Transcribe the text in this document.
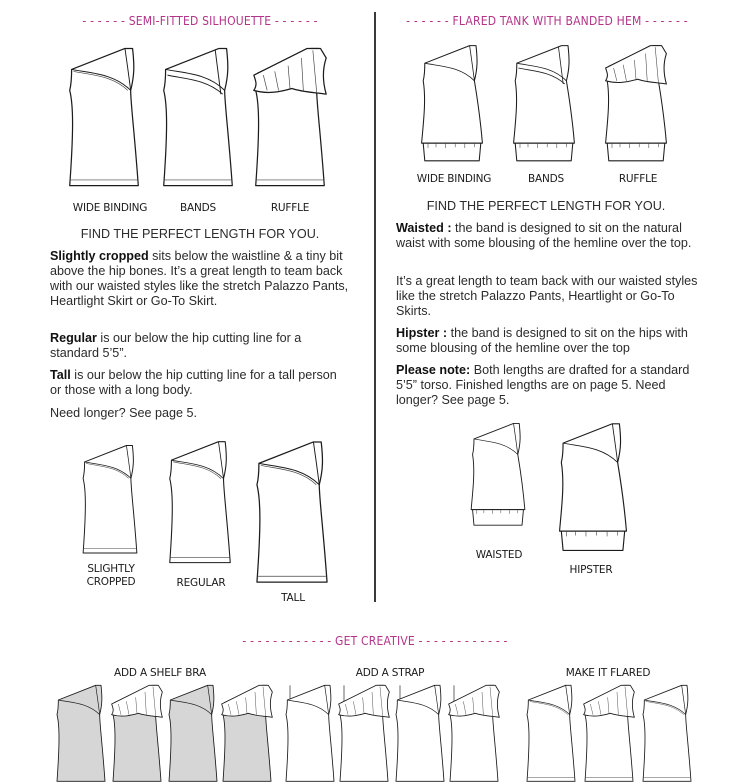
- - - - - - SEMI-FITTED SILHOUETTE - - - - - -
WIDE BINDING	BANDS	RUFFLE
FIND THE PERFECT LENGTH FOR YOU.
Slightly cropped sits below the waistline & a tiny bit above the hip bones. It’s a great length to team back with our waisted styles like the stretch Palazzo Pants, Heartlight Skirt or Go-To Skirt.
Regular is our below the hip cutting line for a standard 5’5”.
Tall is our below the hip cutting line for a tall person or those with a long body.
Need longer? See page 5.
SLIGHTLY
CROPPED	REGULAR
TALL
- - - - - - FLARED TANK WITH BANDED HEM - - - - - -
WIDE BINDING	BANDS	RUFFLE
FIND THE PERFECT LENGTH FOR YOU.
Waisted : the band is designed to sit on the natural waist with some blousing of the hemline over the top.
It’s a great length to team back with our waisted styles like the stretch Palazzo Pants, Heartlight or Go-To Skirts.
Hipster : the band is designed to sit on the hips with some blousing of the hemline over the top
Please note: Both lengths are drafted for a standard 5’5” torso. Finished lengths are on page 5. Need longer? See page 5.
WAISTED
HIPSTER
- - - - - - - - - - - - GET CREATIVE - - - - - - - - - - - -
ADD A SHELF BRA	ADD A STRAP	MAKE IT FLARED
